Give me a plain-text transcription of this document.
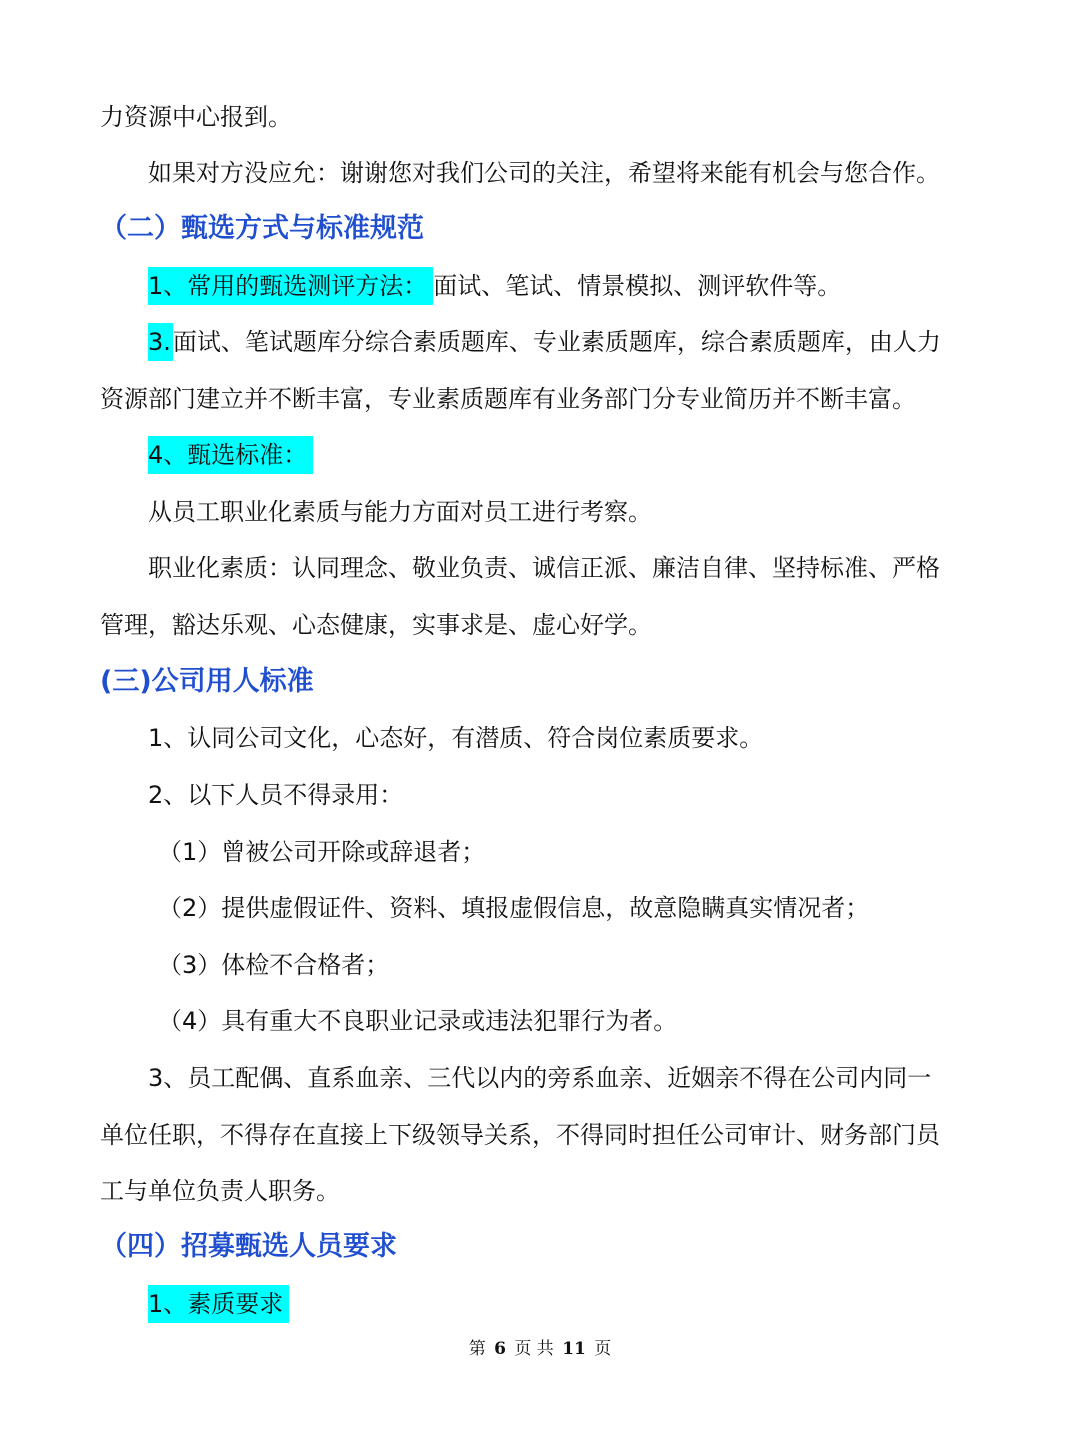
力资源中心报到。

如果对方没应允：谢谢您对我们公司的关注，希望将来能有机会与您合作。

（二）甄选方式与标准规范

1、常用的甄选测评方法： 面试、笔试、情景模拟、测评软件等。

3.面试、笔试题库分综合素质题库、专业素质题库，综合素质题库，由人力

资源部门建立并不断丰富，专业素质题库有业务部门分专业简历并不断丰富。

4、甄选标准：

从员工职业化素质与能力方面对员工进行考察。

职业化素质：认同理念、敬业负责、诚信正派、廉洁自律、坚持标准、严格

管理，豁达乐观、心态健康，实事求是、虚心好学。

(三)公司用人标准

1、认同公司文化，心态好，有潜质、符合岗位素质要求。

2、以下人员不得录用：

（1）曾被公司开除或辞退者；

（2）提供虚假证件、资料、填报虚假信息，故意隐瞒真实情况者；

（3）体检不合格者；

（4）具有重大不良职业记录或违法犯罪行为者。

3、员工配偶、直系血亲、三代以内的旁系血亲、近姻亲不得在公司内同一

单位任职，不得存在直接上下级领导关系，不得同时担任公司审计、财务部门员

工与单位负责人职务。

（四）招募甄选人员要求

1、素质要求

第 6 页 共 11 页
